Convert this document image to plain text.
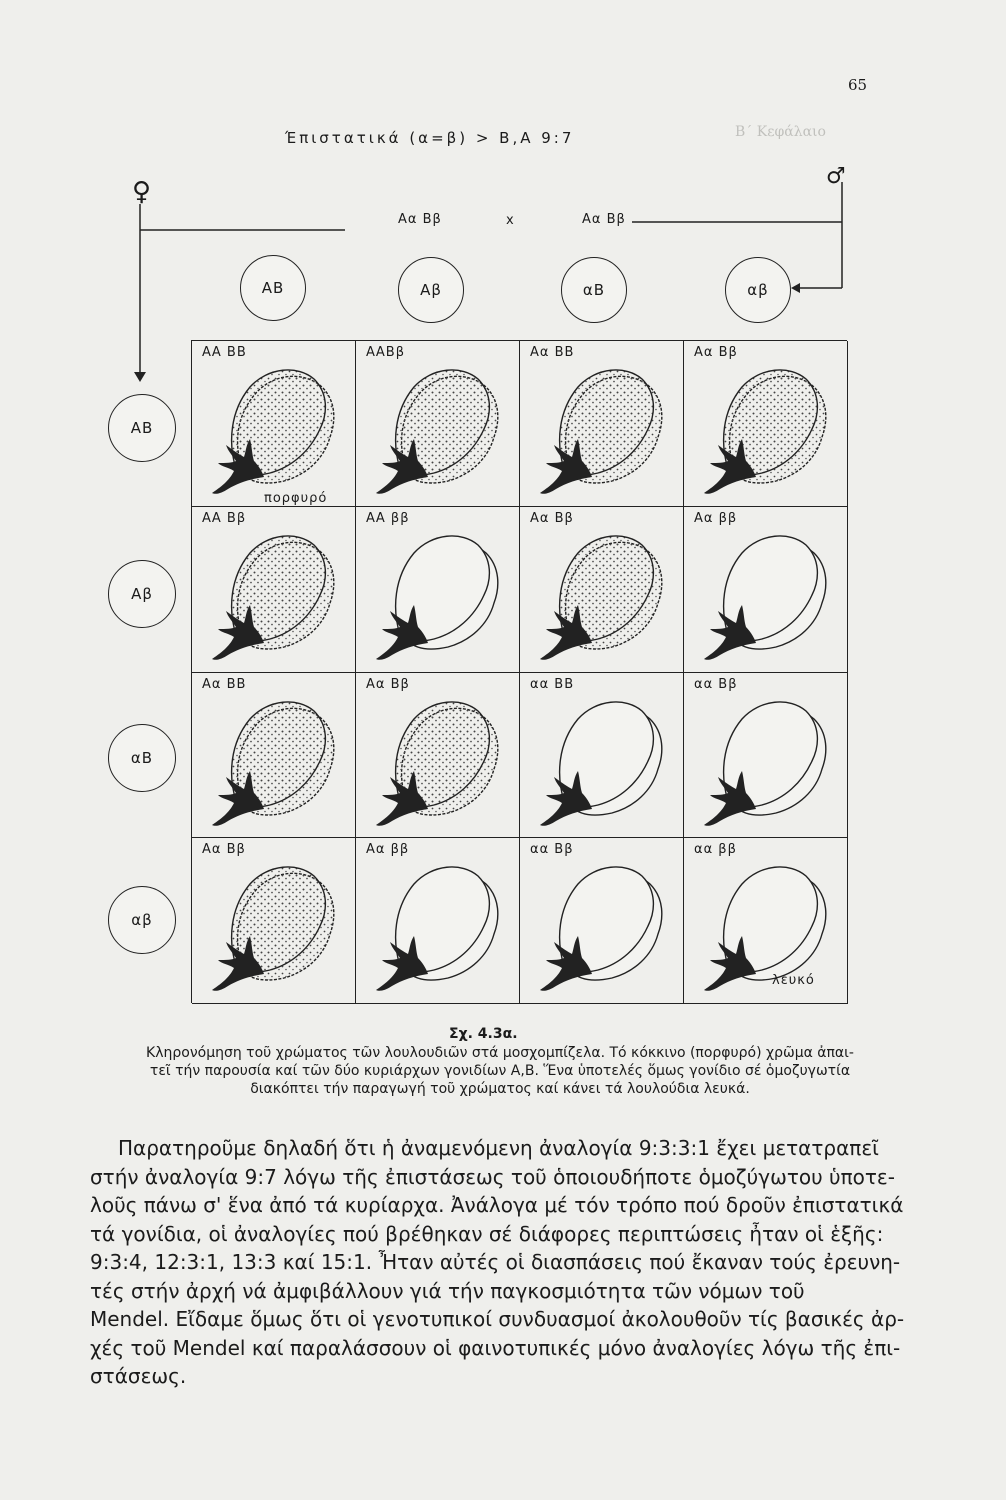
Β΄ Κεφάλαιο
65
Έπιστατικά (α=β) > Β,Α 9:7
♂
♀
Αα Ββ	x	Αα Ββ
ΑΒ	Αβ	αΒ	αβ
ΑΒ
Αβ
αΒ
αβ
ΑΑ ΒΒ	ΑΑΒβ	Αα ΒΒ	Αα Ββ
ΑΑ Ββ	ΑΑ ββ	Αα Ββ	Αα ββ
Αα ΒΒ	Αα Ββ	αα ΒΒ	αα Ββ
Αα Ββ	Αα ββ	αα Ββ	αα ββ
πορφυρό
λευκό
Σχ. 4.3α.
Κληρονόμηση τοῦ χρώματος τῶν λουλουδιῶν στά μοσχομπίζελα. Τό κόκκινο (πορφυρό) χρῶμα ἀπαι-
τεῖ τήν παρουσία καί τῶν δύο κυριάρχων γονιδίων Α,Β. Ἕνα ὑποτελές ὅμως γονίδιο σέ ὁμοζυγωτία
διακόπτει τήν παραγωγή τοῦ χρώματος καί κάνει τά λουλούδια λευκά.
Παρατηροῦμε δηλαδή ὅτι ἡ ἀναμενόμενη ἀναλογία 9:3:3:1 ἔχει μετατραπεῖ
στήν ἀναλογία 9:7 λόγω τῆς ἐπιστάσεως τοῦ ὁποιουδήποτε ὁμοζύγωτου ὑποτε-
λοῦς πάνω σ' ἕνα ἀπό τά κυρίαρχα. Ἀνάλογα μέ τόν τρόπο πού δροῦν ἐπιστατικά
τά γονίδια, οἱ ἀναλογίες πού βρέθηκαν σέ διάφορες περιπτώσεις ἦταν οἱ ἑξῆς:
9:3:4, 12:3:1, 13:3 καί 15:1. Ἦταν αὐτές οἱ διασπάσεις πού ἔκαναν τούς ἐρευνη-
τές στήν ἀρχή νά ἀμφιβάλλουν γιά τήν παγκοσμιότητα τῶν νόμων τοῦ
Mendel. Εἴδαμε ὅμως ὅτι οἱ γενοτυπικοί συνδυασμοί ἀκολουθοῦν τίς βασικές ἀρ-
χές τοῦ Mendel καί παραλάσσουν οἱ φαινοτυπικές μόνο ἀναλογίες λόγω τῆς ἐπι-
στάσεως.
